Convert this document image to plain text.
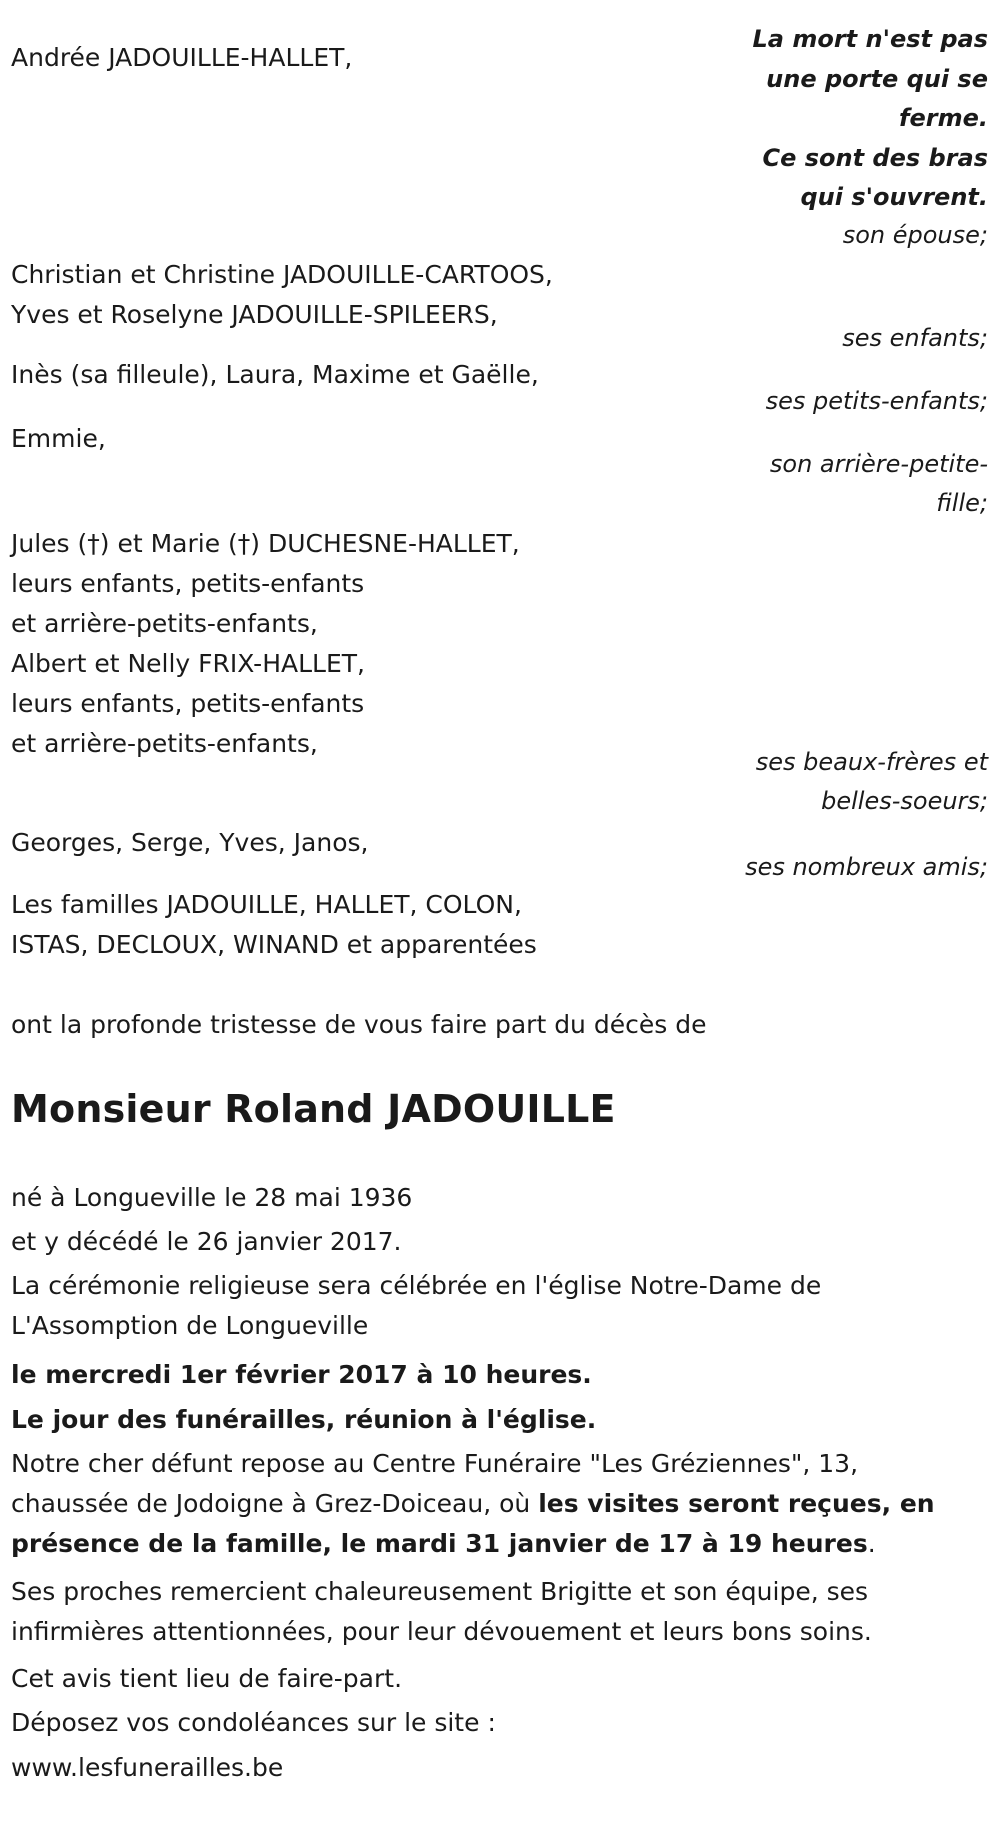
Andrée JADOUILLE-HALLET,

La mort n'est pas
une porte qui se
ferme.
Ce sont des bras
qui s'ouvrent.

son épouse;

Christian et Christine JADOUILLE-CARTOOS,
Yves et Roselyne JADOUILLE-SPILEERS,

ses enfants;

Inès (sa filleule), Laura, Maxime et Gaëlle,

ses petits-enfants;

Emmie,

son arrière-petite-
fille;
Jules (†) et Marie (†) DUCHESNE-HALLET,
leurs enfants, petits-enfants
et arrière-petits-enfants,
Albert et Nelly FRIX-HALLET,
leurs enfants, petits-enfants
et arrière-petits-enfants,
ses beaux-frères et
belles-soeurs;

Georges, Serge, Yves, Janos,

ses nombreux amis;

Les familles JADOUILLE, HALLET, COLON,
ISTAS, DECLOUX, WINAND et apparentées

ont la profonde tristesse de vous faire part du décès de

Monsieur Roland JADOUILLE

né à Longueville le 28 mai 1936

et y décédé le 26 janvier 2017.

La cérémonie religieuse sera célébrée en l'église Notre-Dame de
L'Assomption de Longueville

le mercredi 1er février 2017 à 10 heures.

Le jour des funérailles, réunion à l'église.

Notre cher défunt repose au Centre Funéraire "Les Gréziennes", 13,
chaussée de Jodoigne à Grez-Doiceau, où les visites seront reçues, en
présence de la famille, le mardi 31 janvier de 17 à 19 heures.
Ses proches remercient chaleureusement Brigitte et son équipe, ses
infirmières attentionnées, pour leur dévouement et leurs bons soins.

Cet avis tient lieu de faire-part.

Déposez vos condoléances sur le site :

www.lesfunerailles.be
